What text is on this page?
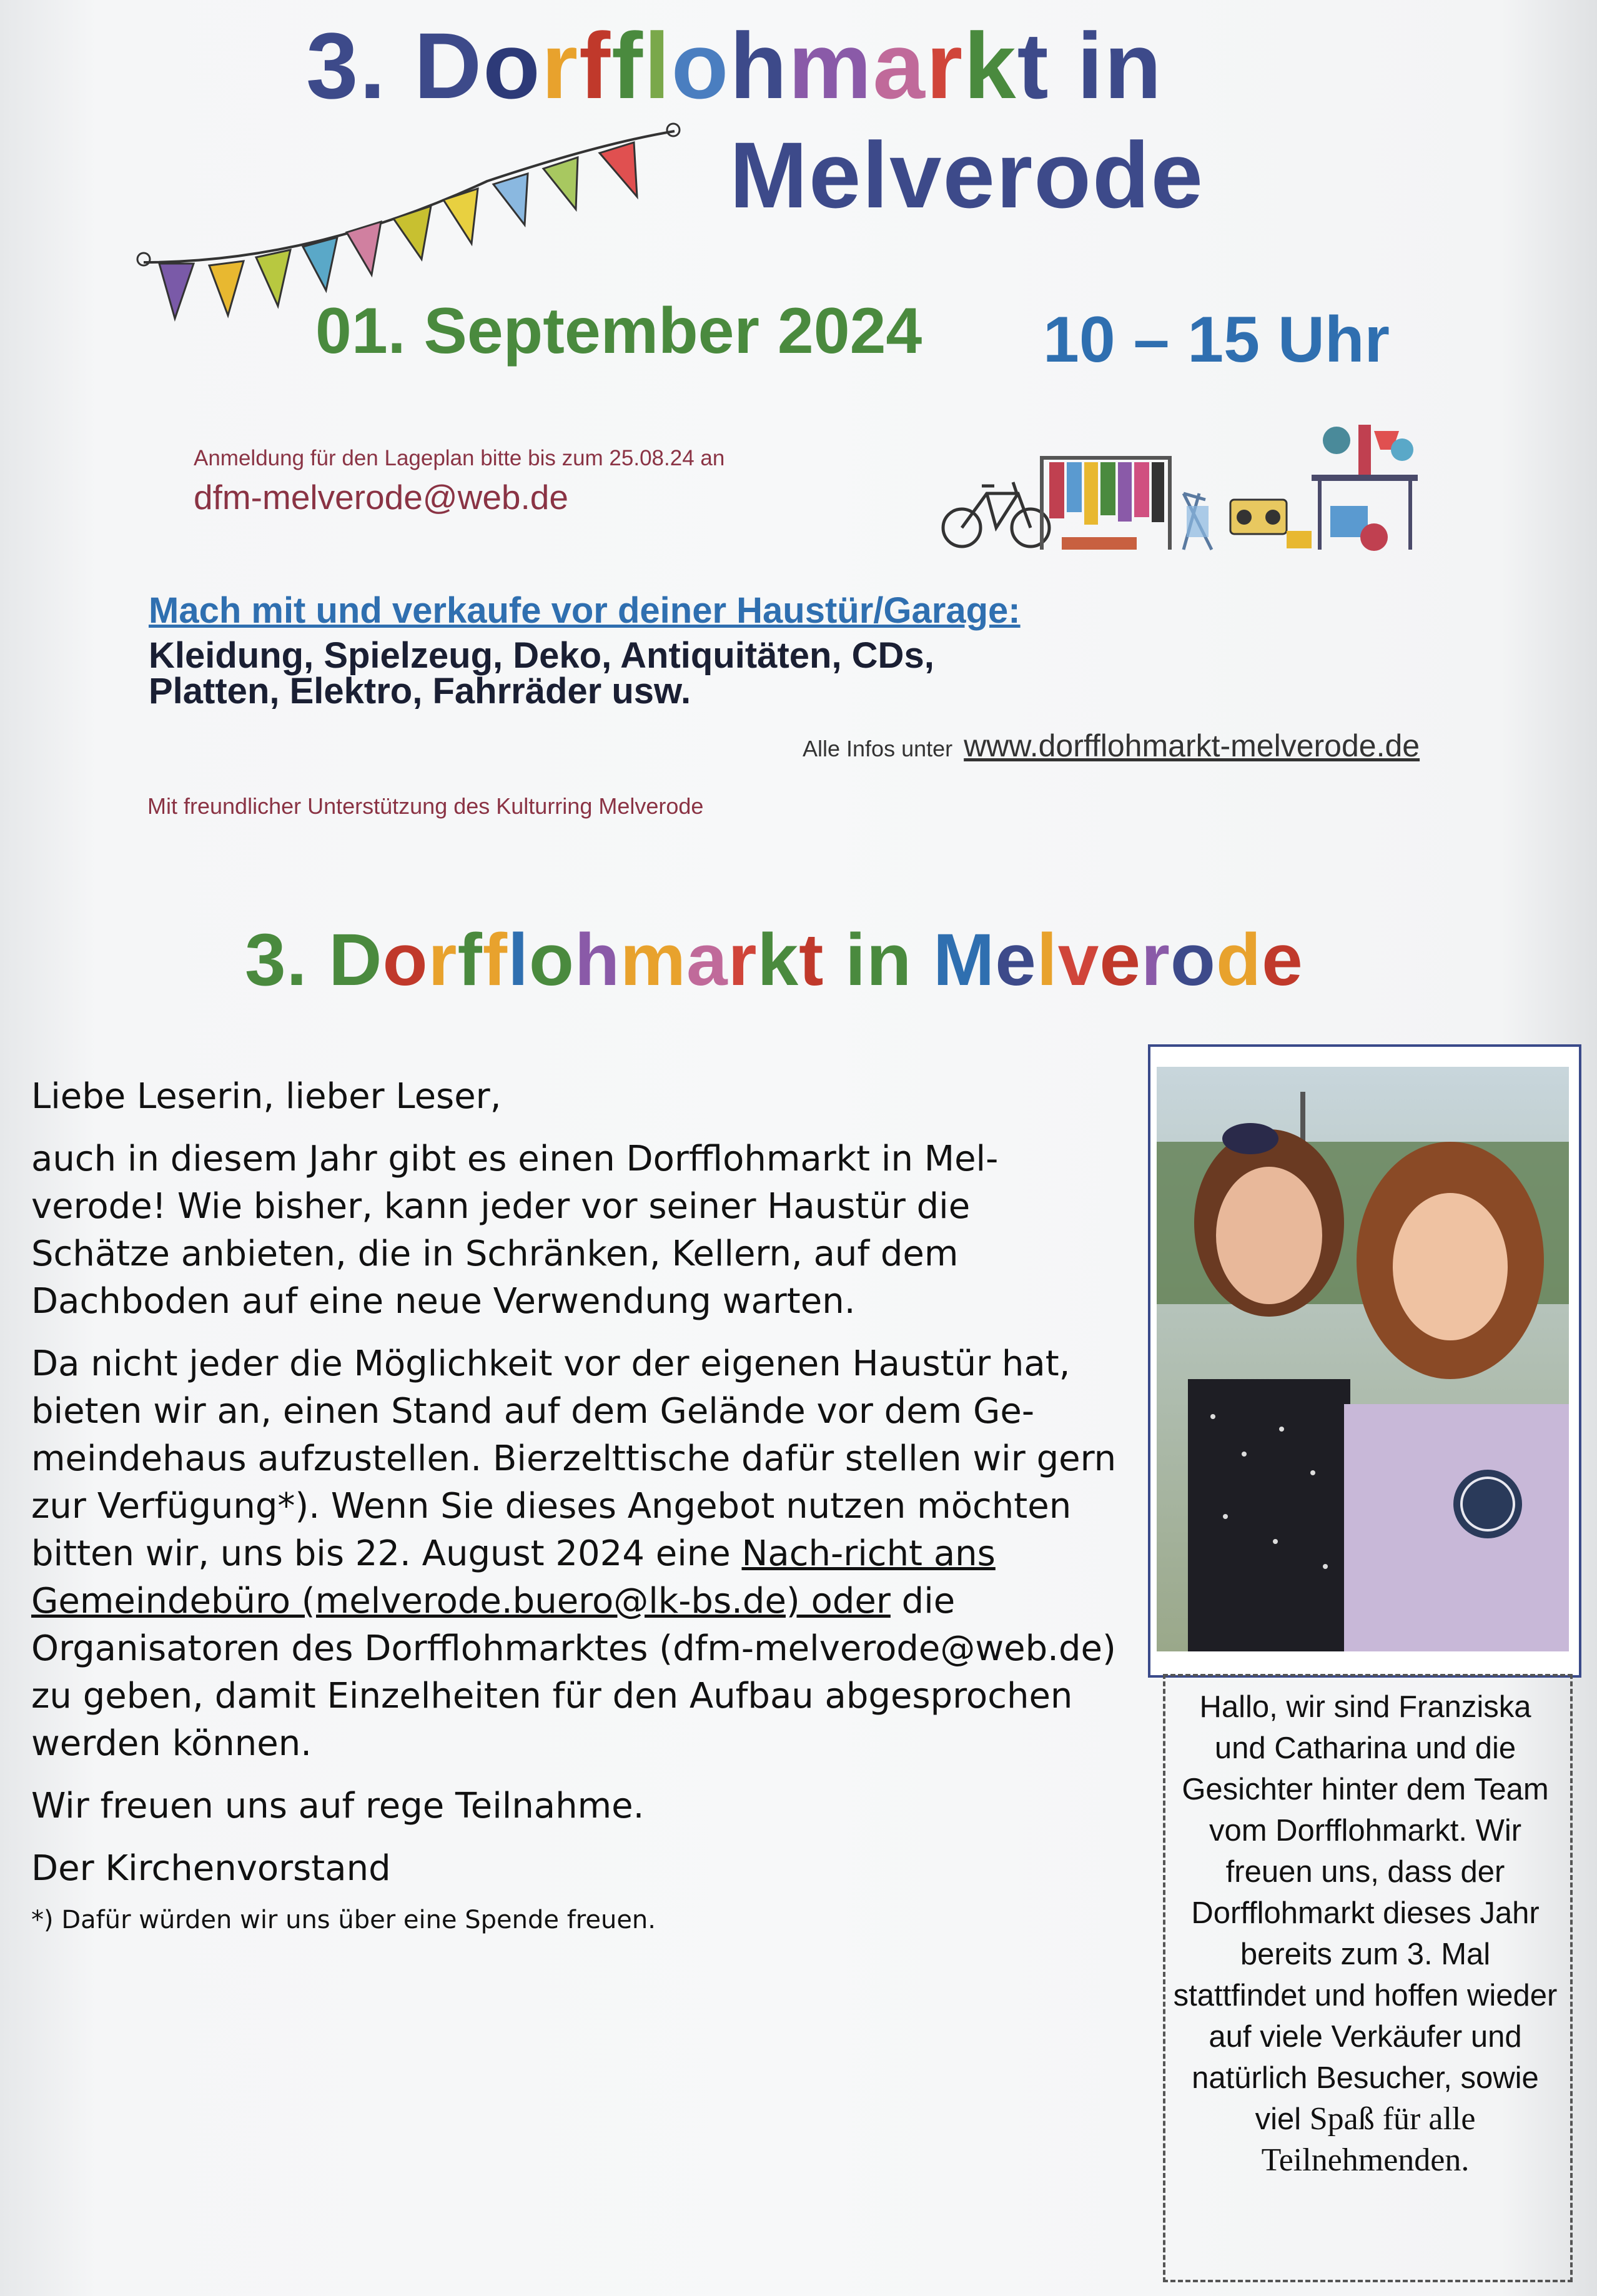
3. Dorfflohmarkt in
Melverode
01. September 2024 10 – 15 Uhr
Anmeldung für den Lageplan bitte bis zum 25.08.24 an
dfm-melverode@web.de
Mach mit und verkaufe vor deiner Haustür/Garage:
Kleidung, Spielzeug, Deko, Antiquitäten, CDs,
Platten, Elektro, Fahrräder usw.
Alle Infos unter www.dorfflohmarkt-melverode.de
Mit freundlicher Unterstützung des Kulturring Melverode
3. Dorfflohmarkt in Melverode

Liebe Leserin, lieber Leser,

auch in diesem Jahr gibt es einen Dorfflohmarkt in Mel-verode! Wie bisher, kann jeder vor seiner Haustür die Schätze anbieten, die in Schränken, Kellern, auf dem Dachboden auf eine neue Verwendung warten.

Da nicht jeder die Möglichkeit vor der eigenen Haustür hat, bieten wir an, einen Stand auf dem Gelände vor dem Ge-meindehaus aufzustellen. Bierzelttische dafür stellen wir gern zur Verfügung*). Wenn Sie dieses Angebot nutzen möchten bitten wir, uns bis 22. August 2024 eine Nach-richt ans Gemeindebüro (melverode.buero@lk-bs.de) oder die Organisatoren des Dorfflohmarktes (dfm-melverode@web.de) zu geben, damit Einzelheiten für den Aufbau abgesprochen werden können.

Wir freuen uns auf rege Teilnahme.

Der Kirchenvorstand

*) Dafür würden wir uns über eine Spende freuen.

Hallo, wir sind Franziska und Catharina und die Gesichter hinter dem Team vom Dorfflohmarkt. Wir freuen uns, dass der Dorfflohmarkt dieses Jahr bereits zum 3. Mal stattfindet und hoffen wieder auf viele Verkäufer und natürlich Besucher, sowie viel Spaß für alle Teilnehmenden.
